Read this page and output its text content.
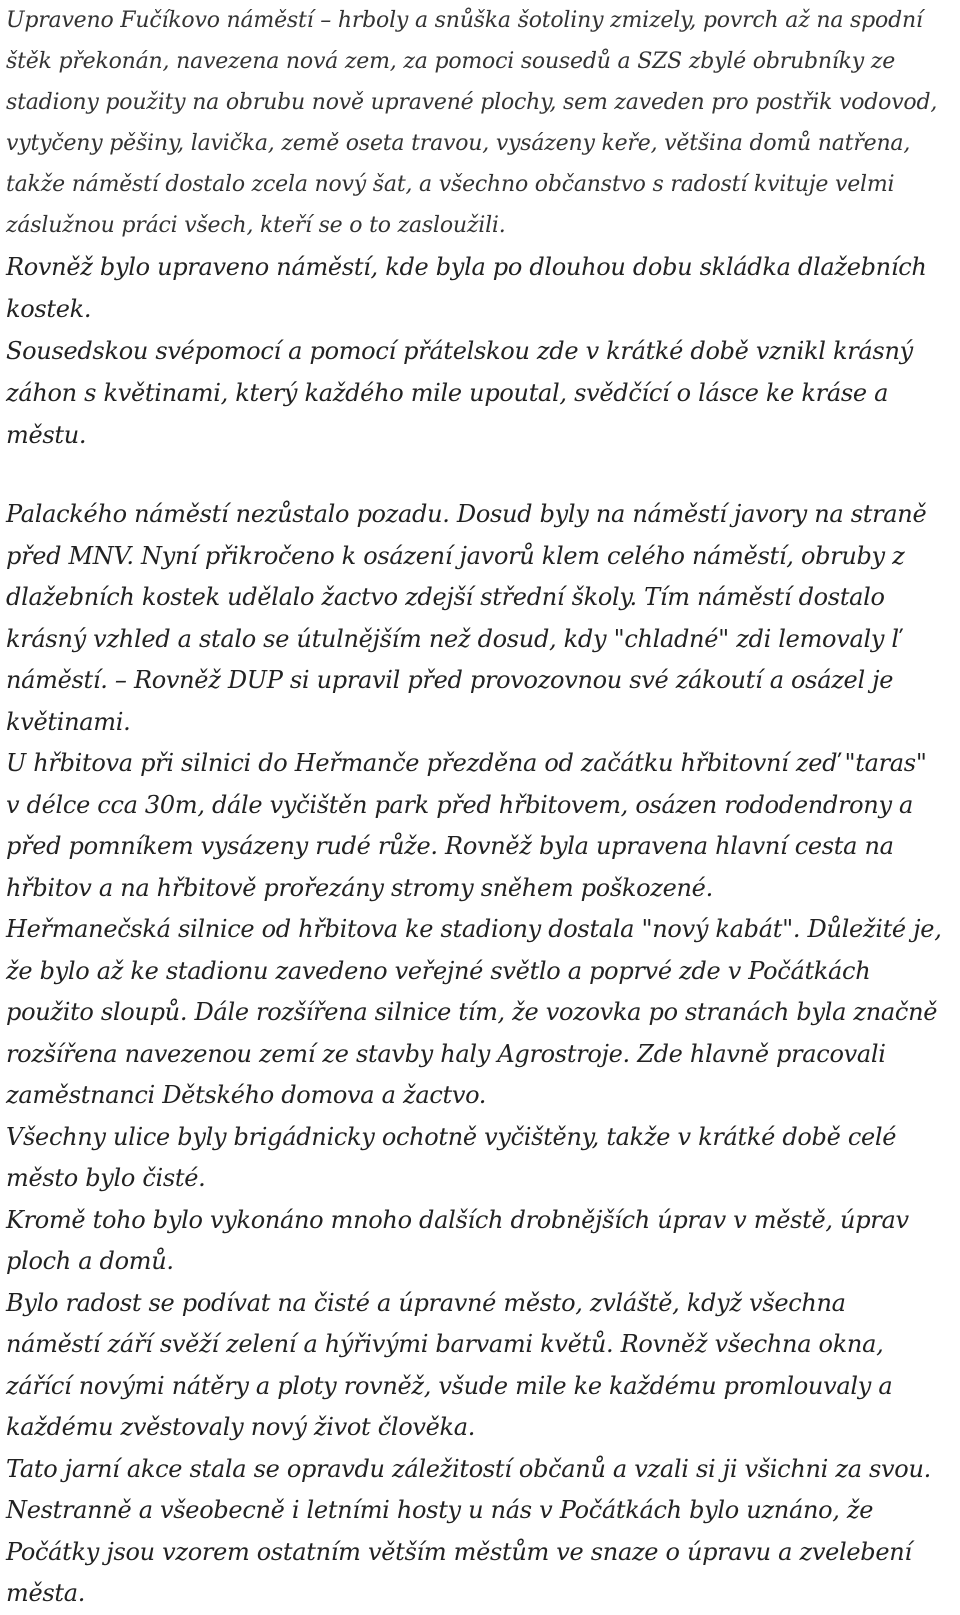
Upraveno Fučíkovo náměstí – hrboly a snůška šotoliny zmizely, povrch až na spodní štěk překonán, navezena nová zem, za pomoci sousedů a SZS zbylé obrubníky ze stadiony použity na obrubu nově upravené plochy, sem zaveden pro postřik vodovod, vytyčeny pěšiny, lavička, země oseta travou, vysázeny keře, většina domů natřena, takže náměstí dostalo zcela nový šat, a všechno občanstvo s radostí kvituje velmi záslužnou práci všech, kteří se o to zasloužili.

Rovněž bylo upraveno náměstí, kde byla po dlouhou dobu skládka dlažebních kostek.

Sousedskou svépomocí a pomocí přátelskou zde v krátké době vznikl krásný záhon s květinami, který každého mile upoutal, svědčící o lásce ke kráse a městu.

Palackého náměstí nezůstalo pozadu. Dosud byly na náměstí javory na straně před MNV. Nyní přikročeno k osázení javorů klem celého náměstí, obruby z dlažebních kostek udělalo žactvo zdejší střední školy. Tím náměstí dostalo krásný vzhled a stalo se útulnějším než dosud, kdy "chladné" zdi lemovaly ľ náměstí. – Rovněž DUP si upravil před provozovnou své zákoutí a osázel je květinami.

U hřbitova při silnici do Heřmanče přezděna od začátku hřbitovní zeď "taras" v délce cca 30m, dále vyčištěn park před hřbitovem, osázen rododendrony a před pomníkem vysázeny rudé růže. Rovněž byla upravena hlavní cesta na hřbitov a na hřbitově prořezány stromy sněhem poškozené.

Heřmanečská silnice od hřbitova ke stadiony dostala "nový kabát". Důležité je, že bylo až ke stadionu zavedeno veřejné světlo a poprvé zde v Počátkách použito sloupů. Dále rozšířena silnice tím, že vozovka po stranách byla značně rozšířena navezenou zemí ze stavby haly Agrostroje. Zde hlavně pracovali zaměstnanci Dětského domova a žactvo.

Všechny ulice byly brigádnicky ochotně vyčištěny, takže v krátké době celé město bylo čisté.

Kromě toho bylo vykonáno mnoho dalších drobnějších úprav v městě, úprav ploch a domů.

Bylo radost se podívat na čisté a úpravné město, zvláště, když všechna náměstí září svěží zelení a hýřivými barvami květů. Rovněž všechna okna, zářící novými nátěry a ploty rovněž, všude mile ke každému promlouvaly a každému zvěstovaly nový život člověka.

Tato jarní akce stala se opravdu záležitostí občanů a vzali si ji všichni za svou.

Nestranně a všeobecně i letními hosty u nás v Počátkách bylo uznáno, že Počátky jsou vzorem ostatním větším městům ve snaze o úpravu a zvelebení města.
